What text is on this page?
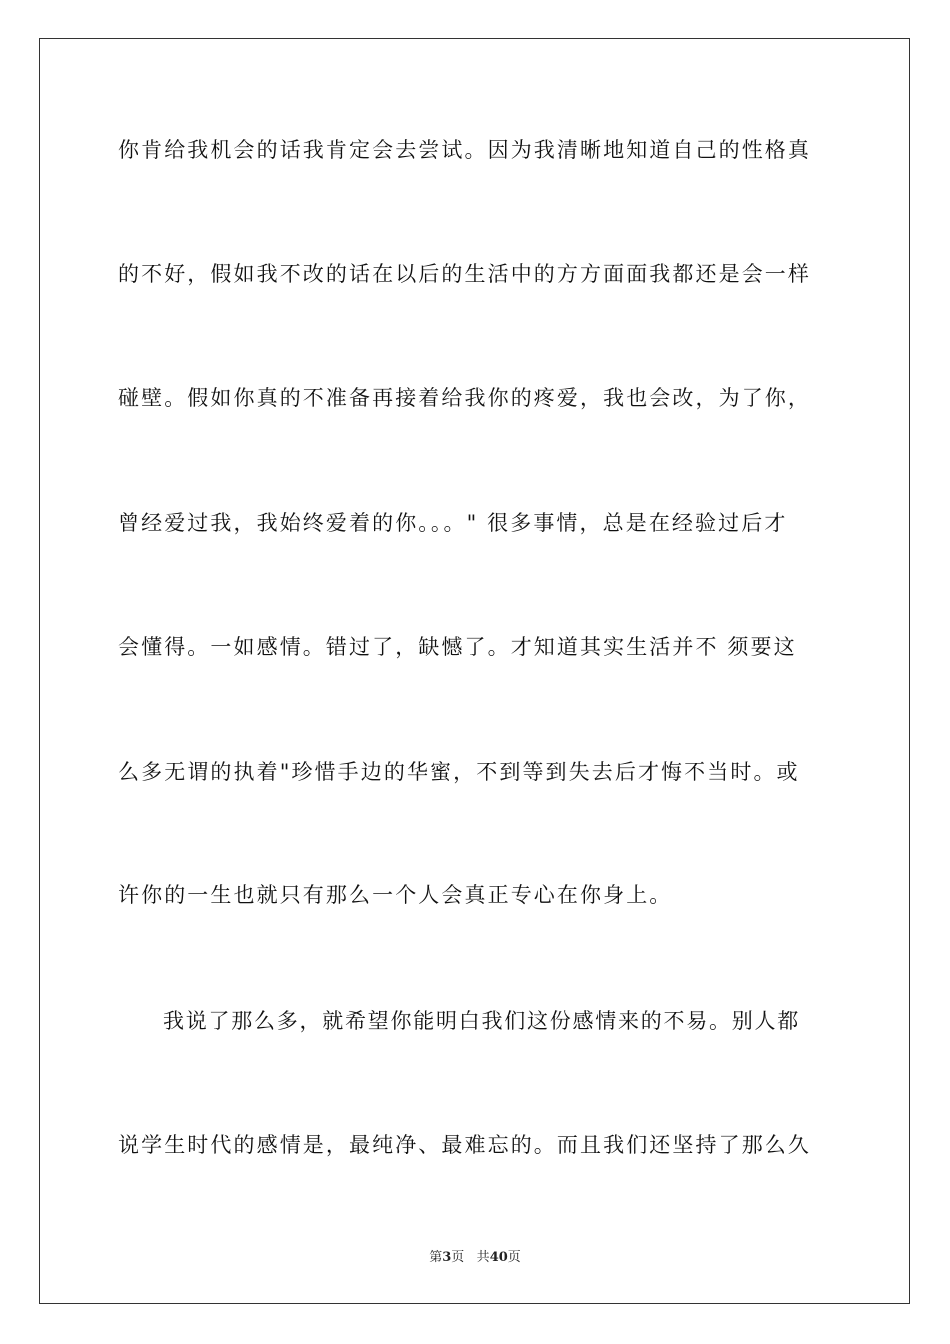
你肯给我机会的话我肯定会去尝试。因为我清晰地知道自己的性格真
的不好，假如我不改的话在以后的生活中的方方面面我都还是会一样
碰壁。假如你真的不准备再接着给我你的疼爱，我也会改，为了你，
曾经爱过我，我始终爱着的你。。。" 很多事情，总是在经验过后才
会懂得。一如感情。错过了，缺憾了。才知道其实生活并不 须要这
么多无谓的执着"珍惜手边的华蜜，不到等到失去后才悔不当时。或
许你的一生也就只有那么一个人会真正专心在你身上。
我说了那么多，就希望你能明白我们这份感情来的不易。别人都
说学生时代的感情是，最纯净、最难忘的。而且我们还坚持了那么久
第3页 共40页
